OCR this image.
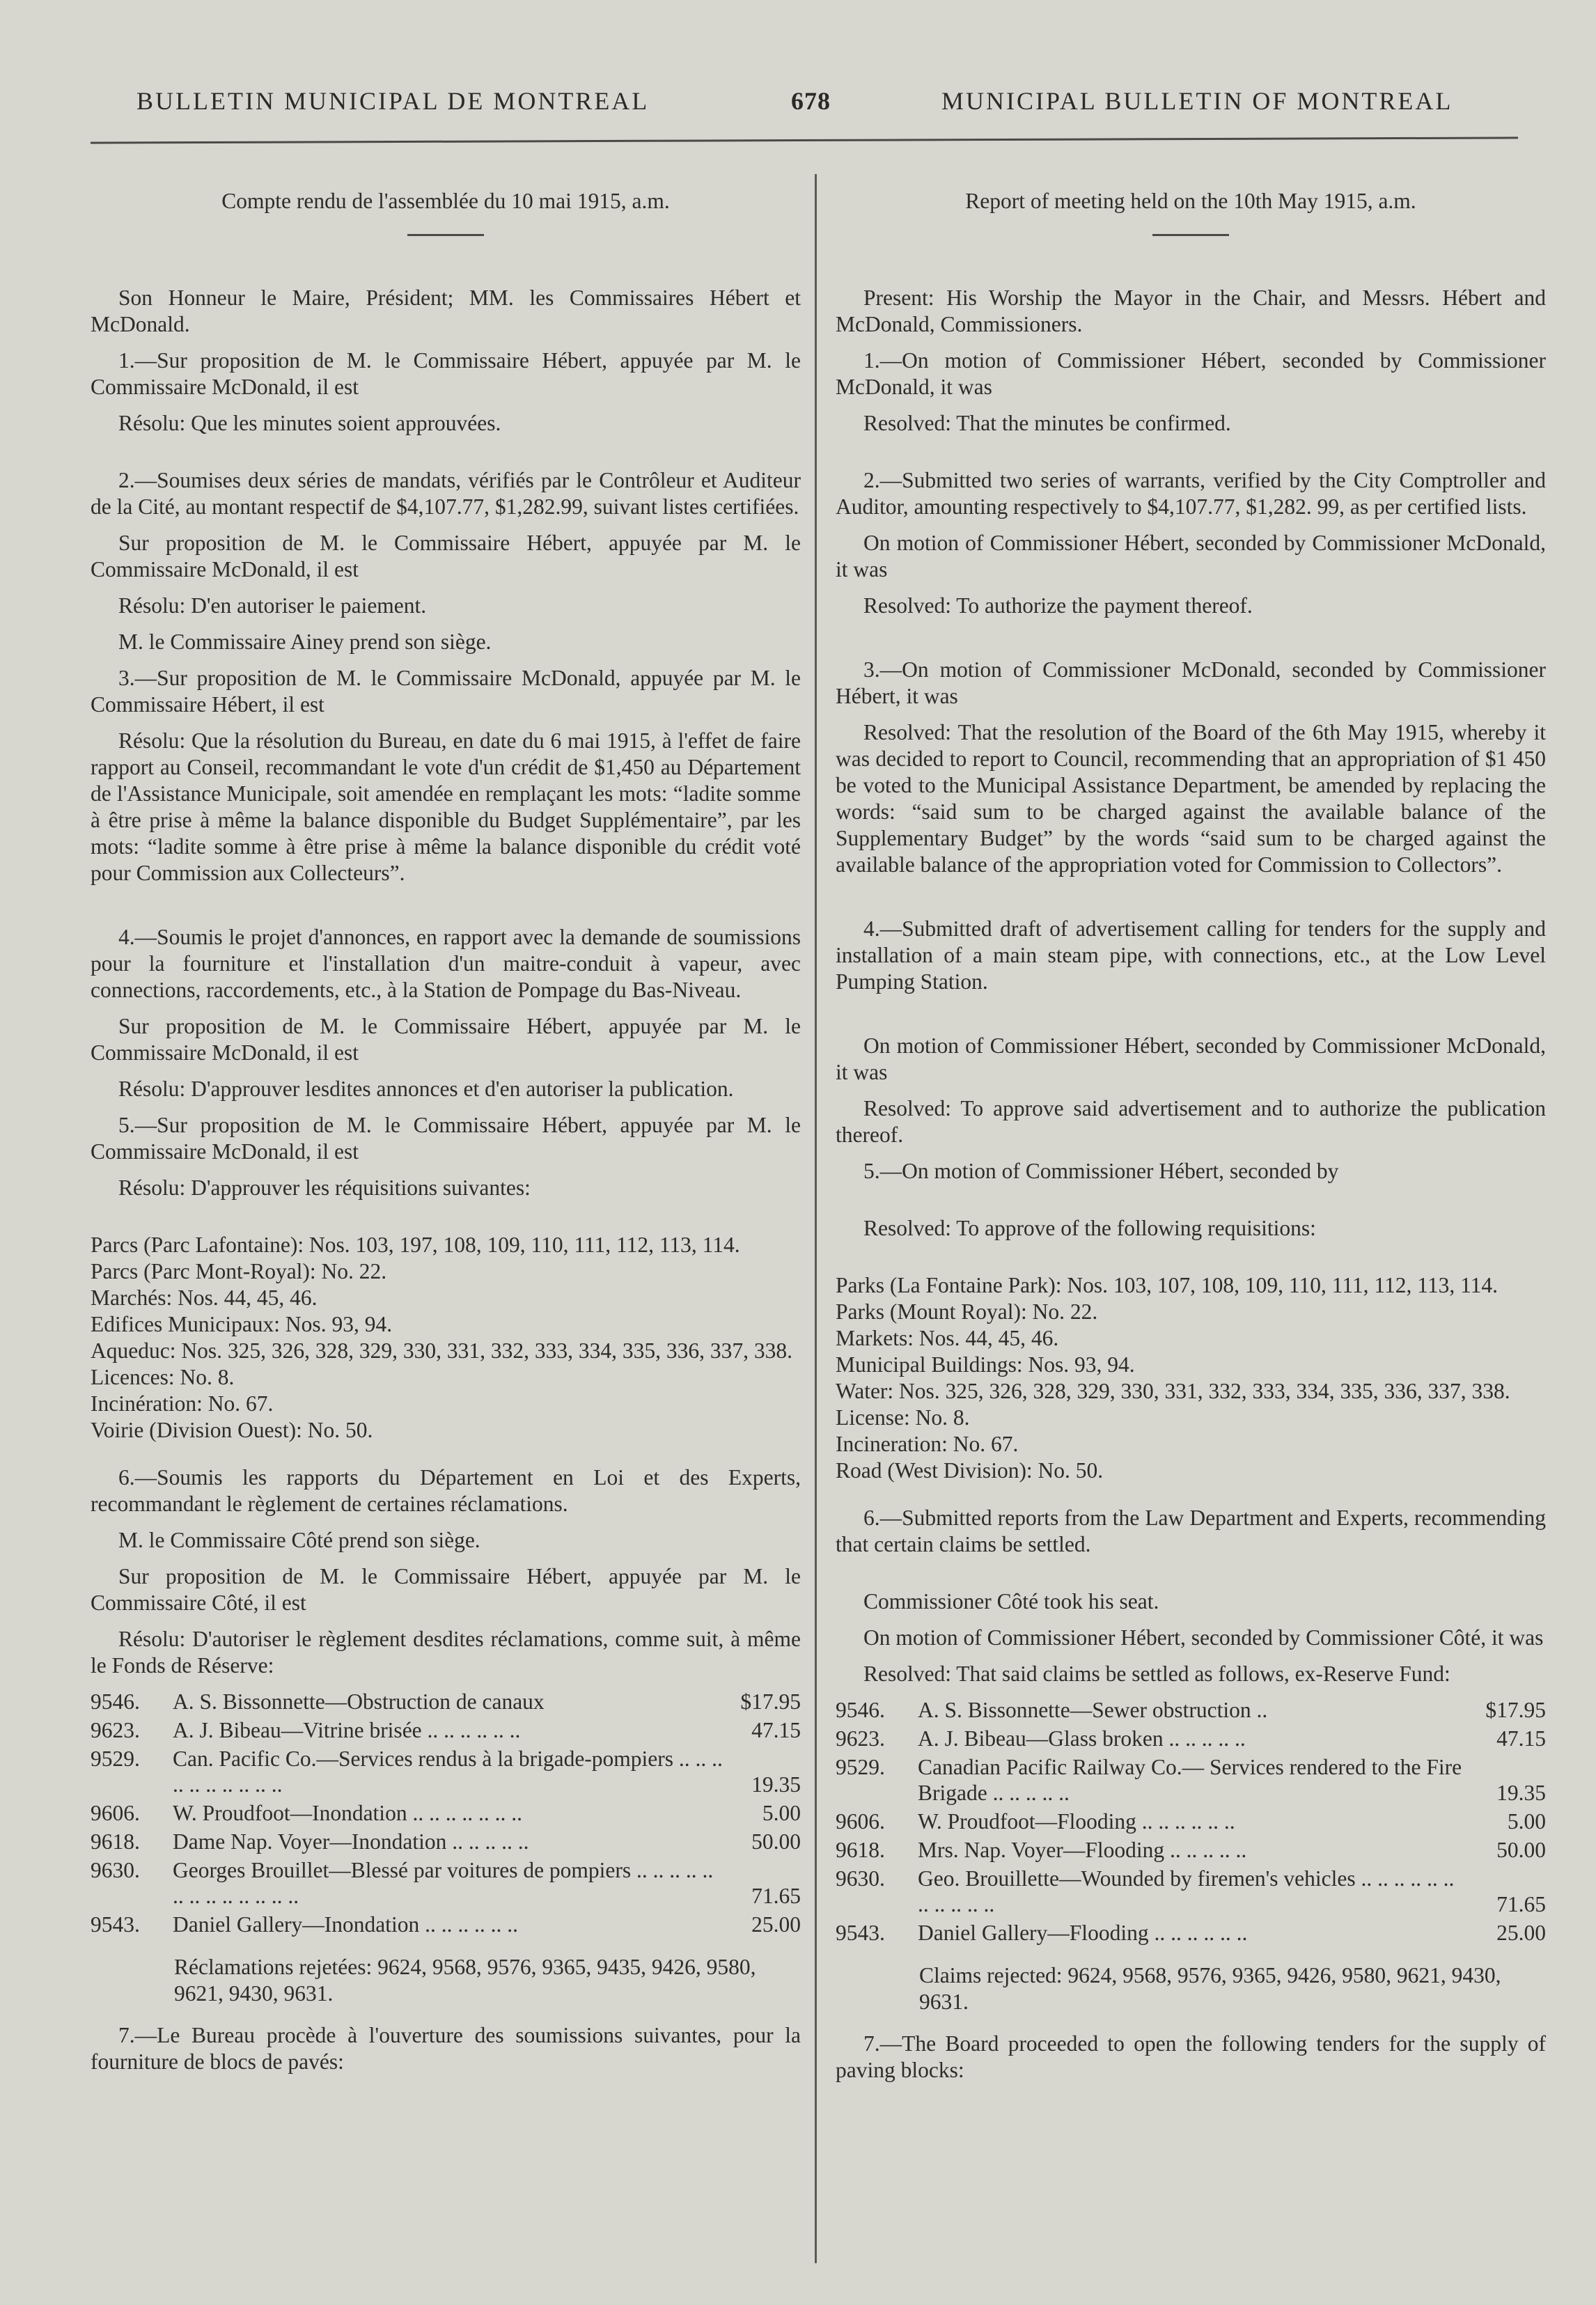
BULLETIN MUNICIPAL DE MONTREAL	678	MUNICIPAL BULLETIN OF MONTREAL

Compte rendu de l'assemblée du 10 mai 1915, a.m.

Son Honneur le Maire, Président; MM. les Commissaires Hébert et McDonald.

1.—Sur proposition de M. le Commissaire Hébert, appuyée par M. le Commissaire McDonald, il est

Résolu: Que les minutes soient approuvées.

2.—Soumises deux séries de mandats, vérifiés par le Contrôleur et Auditeur de la Cité, au montant respectif de $4,107.77, $1,282.99, suivant listes certifiées.

Sur proposition de M. le Commissaire Hébert, appuyée par M. le Commissaire McDonald, il est

Résolu: D'en autoriser le paiement.

M. le Commissaire Ainey prend son siège.

3.—Sur proposition de M. le Commissaire McDonald, appuyée par M. le Commissaire Hébert, il est

Résolu: Que la résolution du Bureau, en date du 6 mai 1915, à l'effet de faire rapport au Conseil, recommandant le vote d'un crédit de $1,450 au Département de l'Assistance Municipale, soit amendée en remplaçant les mots: “ladite somme à être prise à même la balance disponible du Budget Supplémentaire”, par les mots: “ladite somme à être prise à même la balance disponible du crédit voté pour Commission aux Collecteurs”.

4.—Soumis le projet d'annonces, en rapport avec la demande de soumissions pour la fourniture et l'installation d'un maitre-conduit à vapeur, avec connections, raccordements, etc., à la Station de Pompage du Bas-Niveau.

Sur proposition de M. le Commissaire Hébert, appuyée par M. le Commissaire McDonald, il est

Résolu: D'approuver lesdites annonces et d'en autoriser la publication.

5.—Sur proposition de M. le Commissaire Hébert, appuyée par M. le Commissaire McDonald, il est

Résolu: D'approuver les réquisitions suivantes:

Parcs (Parc Lafontaine): Nos. 103, 197, 108, 109, 110, 111, 112, 113, 114.

Parcs (Parc Mont-Royal): No. 22.

Marchés: Nos. 44, 45, 46.

Edifices Municipaux: Nos. 93, 94.

Aqueduc: Nos. 325, 326, 328, 329, 330, 331, 332, 333, 334, 335, 336, 337, 338.

Licences: No. 8.

Incinération: No. 67.

Voirie (Division Ouest): No. 50.

6.—Soumis les rapports du Département en Loi et des Experts, recommandant le règlement de certaines réclamations.

M. le Commissaire Côté prend son siège.

Sur proposition de M. le Commissaire Hébert, appuyée par M. le Commissaire Côté, il est

Résolu: D'autoriser le règlement desdites réclamations, comme suit, à même le Fonds de Réserve:

9546.	A. S. Bissonnette—Obstruction de canaux	$17.95
9623.	A. J. Bibeau—Vitrine brisée .. .. .. .. .. ..	47.15
9529.	Can. Pacific Co.—Services rendus à la brigade-pompiers .. .. .. .. .. .. .. .. .. ..	19.35
9606.	W. Proudfoot—Inondation .. .. .. .. .. .. ..	5.00
9618.	Dame Nap. Voyer—Inondation .. .. .. .. ..	50.00
9630.	Georges Brouillet—Blessé par voitures de pompiers .. .. .. .. .. .. .. .. .. .. .. .. ..	71.65
9543.	Daniel Gallery—Inondation .. .. .. .. .. ..	25.00

Réclamations rejetées: 9624, 9568, 9576, 9365, 9435, 9426, 9580, 9621, 9430, 9631.

7.—Le Bureau procède à l'ouverture des soumissions suivantes, pour la fourniture de blocs de pavés:

Report of meeting held on the 10th May 1915, a.m.

Present: His Worship the Mayor in the Chair, and Messrs. Hébert and McDonald, Commissioners.

1.—On motion of Commissioner Hébert, seconded by Commissioner McDonald, it was

Resolved: That the minutes be confirmed.

2.—Submitted two series of warrants, verified by the City Comptroller and Auditor, amounting respectively to $4,107.77, $1,282. 99, as per certified lists.

On motion of Commissioner Hébert, seconded by Commissioner McDonald, it was

Resolved: To authorize the payment thereof.

3.—On motion of Commissioner McDonald, seconded by Commissioner Hébert, it was

Resolved: That the resolution of the Board of the 6th May 1915, whereby it was decided to report to Council, recommending that an appropriation of $1 450 be voted to the Municipal Assistance Department, be amended by replacing the words: “said sum to be charged against the available balance of the Supplementary Budget” by the words “said sum to be charged against the available balance of the appropriation voted for Commission to Collectors”.

4.—Submitted draft of advertisement calling for tenders for the supply and installation of a main steam pipe, with connections, etc., at the Low Level Pumping Station.

On motion of Commissioner Hébert, seconded by Commissioner McDonald, it was

Resolved: To approve said advertisement and to authorize the publication thereof.

5.—On motion of Commissioner Hébert, seconded by

Resolved: To approve of the following requisitions:

Parks (La Fontaine Park): Nos. 103, 107, 108, 109, 110, 111, 112, 113, 114.

Parks (Mount Royal): No. 22.

Markets: Nos. 44, 45, 46.

Municipal Buildings: Nos. 93, 94.

Water: Nos. 325, 326, 328, 329, 330, 331, 332, 333, 334, 335, 336, 337, 338.

License: No. 8.

Incineration: No. 67.

Road (West Division): No. 50.

6.—Submitted reports from the Law Department and Experts, recommending that certain claims be settled.

Commissioner Côté took his seat.

On motion of Commissioner Hébert, seconded by Commissioner Côté, it was

Resolved: That said claims be settled as follows, ex-Reserve Fund:

9546.	A. S. Bissonnette—Sewer obstruction ..	$17.95
9623.	A. J. Bibeau—Glass broken .. .. .. .. ..	47.15
9529.	Canadian Pacific Railway Co.— Services rendered to the Fire Brigade .. .. .. .. ..	19.35
9606.	W. Proudfoot—Flooding .. .. .. .. .. ..	5.00
9618.	Mrs. Nap. Voyer—Flooding .. .. .. .. ..	50.00
9630.	Geo. Brouillette—Wounded by firemen's vehicles .. .. .. .. .. .. .. .. .. .. ..	71.65
9543.	Daniel Gallery—Flooding .. .. .. .. .. ..	25.00

Claims rejected: 9624, 9568, 9576, 9365, 9426, 9580, 9621, 9430, 9631.

7.—The Board proceeded to open the following tenders for the supply of paving blocks:
